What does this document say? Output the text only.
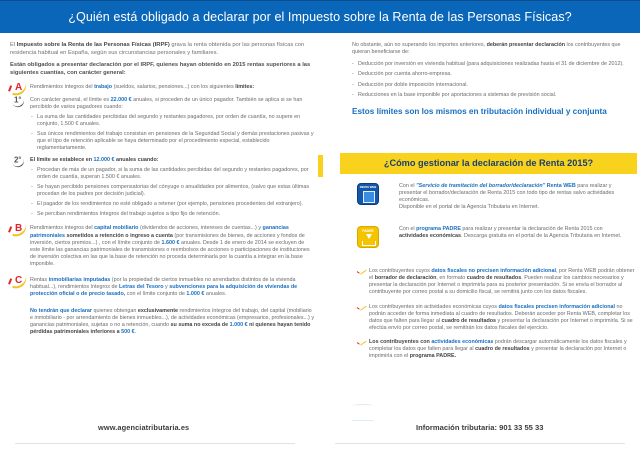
¿Quién está obligado a declarar por el Impuesto sobre la Renta de las Personas Físicas?
El Impuesto sobre la Renta de las Personas Físicas (IRPF) grava la renta obtenida por las personas físicas con residencia habitual en España, según sus circunstancias personales y familiares.
Están obligados a presentar declaración por el IRPF, quienes hayan obtenido en 2015 rentas superiores a las siguientes cuantías, con carácter general:
A Rendimientos íntegros del trabajo (sueldos, salarios, pensiones...) con los siguientes límites:
1$^o$ Con carácter general, el límite es 22.000 € anuales, si proceden de un único pagador. También se aplica si se han percibido de varios pagadores cuando:
- La suma de las cantidades percibidas del segundo y restantes pagadores, por orden de cuantía, no supere en conjunto, 1.500 € anuales.
- Sus únicos rendimientos del trabajo consistan en pensiones de la Seguridad Social y demás prestaciones pasivas y que el tipo de retención aplicable se haya determinado por el procedimiento especial, establecido reglamentariamente.
2$^o$ El límite se establece en 12.000 € anuales cuando:
- Procedan de más de un pagador, si la suma de las cantidades percibidas del segundo y restantes pagadores, por orden de cuantía, superan 1.500 € anuales.
- Se hayan percibido pensiones compensatorias del cónyuge o anualidades por alimentos, (salvo que estas últimas procedan de los padres por decisión judicial).
- El pagador de los rendimientos no esté obligado a retener (por ejemplo, pensiones procedentes del extranjero).
- Se perciban rendimientos íntegros del trabajo sujetos a tipo fijo de retención.
B Rendimientos íntegros del capital mobiliario (dividendos de acciones, intereses de cuentas...) y ganancias patrimoniales sometidos a retención o ingreso a cuenta (por transmisiones de bienes, de acciones y fondos de inversión, ciertos premios...) , con el límite conjunto de 1.600 € anuales. Desde 1 de enero de 2014 se excluyen de este límite las ganancias patrimoniales de transmisiones o reembolsos de acciones o participaciones de instituciones de inversión colectiva en las que la base de retención no proceda determinarla por la cuantía a integrar en la base imponible.
C Rentas inmobiliarias imputadas (por la propiedad de ciertos inmuebles no arrendados distintos de la vivienda habitual...), rendimientos íntegros de Letras del Tesoro y subvenciones para la adquisición de viviendas de protección oficial o de precio tasado, con el límite conjunto de 1.000 € anuales.
No tendrán que declarar quienes obtengan exclusivamente rendimientos íntegros del trabajo, del capital (mobiliario e inmobiliario - por arrendamiento de bienes inmuebles...), de actividades económicas (empresarios, profesionales...) y ganancias patrimoniales, sujetas o no a retención, cuando su suma no exceda de 1.000 € ni quienes hayan tenido pérdidas patrimoniales inferiores a 500 €.
www.agenciatributaria.es
No obstante, aún no superando los importes anteriores, deberán presentar declaración los contribuyentes que quieran beneficiarse de:
- Deducción por inversión en vivienda habitual (para adquisiciones realizadas hasta el 31 de diciembre de 2012).
- Deducción por cuenta ahorro-empresa.
- Deducción por doble imposición internacional.
- Reducciones en la base imponible por aportaciones a sistemas de previsión social.
Estos límites son los mismos en tributación individual y conjunta
¿Cómo gestionar la declaración de Renta 2015?
RENTA WEB	Con el "Servicio de tramitación del borrador/declaración" Renta WEB para realizar y presentar el borrador/declaración de Renta 2015 con todo tipo de rentas salvo actividades económicas.
Disponible en el portal de la Agencia Tributaria en Internet.
PADRE	Con el programa PADRE para realizar y presentar la declaración de Renta 2015 con actividades económicas. Descarga gratuita en el portal de la Agencia Tributaria en Internet.
Los contribuyentes cuyos datos fiscales no precisen información adicional, por Renta WEB podrán obtener el borrador de declaración, en formato cuadro de resultados. Pueden realizar los cambios necesarios y presentar la declaración por Internet o imprimirla para su posterior presentación. Si se envía el borrador al contribuyente por correo postal a su domicilio fiscal, se remitirá junto con los datos fiscales.
Los contribuyentes sin actividades económicas cuyos datos fiscales precisen información adicional no podrán acceder de forma inmediata al cuadro de resultados. Deberán acceder por Renta WEB, completar los datos que falten para llegar al cuadro de resultados y presentar la declaración por Internet o imprimirla. Si se efectúa envío por correo postal, se remitirán los datos fiscales del ejercicio.
Los contribuyentes con actividades económicas podrán descargar automáticamente los datos fiscales y completar los datos que falten para llegar al cuadro de resultados y presentar la declaración por Internet o imprimirla con el programa PADRE.
Información tributaria: 901 33 55 33
